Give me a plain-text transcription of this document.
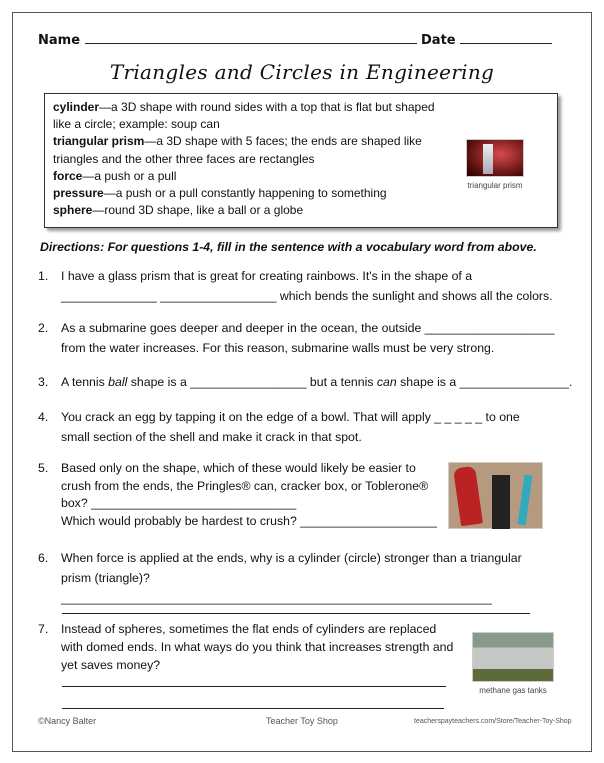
Name	Date
Triangles and Circles in Engineering
cylinder—a 3D shape with round sides with a top that is flat but shaped like a circle; example: soup can
triangular prism—a 3D shape with 5 faces; the ends are shaped like triangles and the other three faces are rectangles
force—a push or a pull
pressure—a push or a pull constantly happening to something
sphere—round 3D shape, like a ball or a globe
triangular prism
Directions: For questions 1-4, fill in the sentence with a vocabulary word from above.
1. I have a glass prism that is great for creating rainbows. It's in the shape of a ______________ _________________ which bends the sunlight and shows all the colors.
2. As a submarine goes deeper and deeper in the ocean, the outside ___________________ from the water increases. For this reason, submarine walls must be very strong.
3. A tennis ball shape is a _________________ but a tennis can shape is a ________________.
4. You crack an egg by tapping it on the edge of a bowl. That will apply _ _ _ _ _ to one small section of the shell and make it crack in that spot.
5. Based only on the shape, which of these would likely be easier to
crush from the ends, the Pringles® can, cracker box, or Toblerone®
box? ______________________________
Which would probably be hardest to crush? ____________________
6. When force is applied at the ends, why is a cylinder (circle) stronger than a triangular prism (triangle)? _______________________________________________________________
7. Instead of spheres, sometimes the flat ends of cylinders are replaced with domed ends. In what ways do you think that increases strength and yet saves money?
methane gas tanks
©Nancy Balter	Teacher Toy Shop	teacherspayteachers.com/Store/Teacher-Toy-Shop
